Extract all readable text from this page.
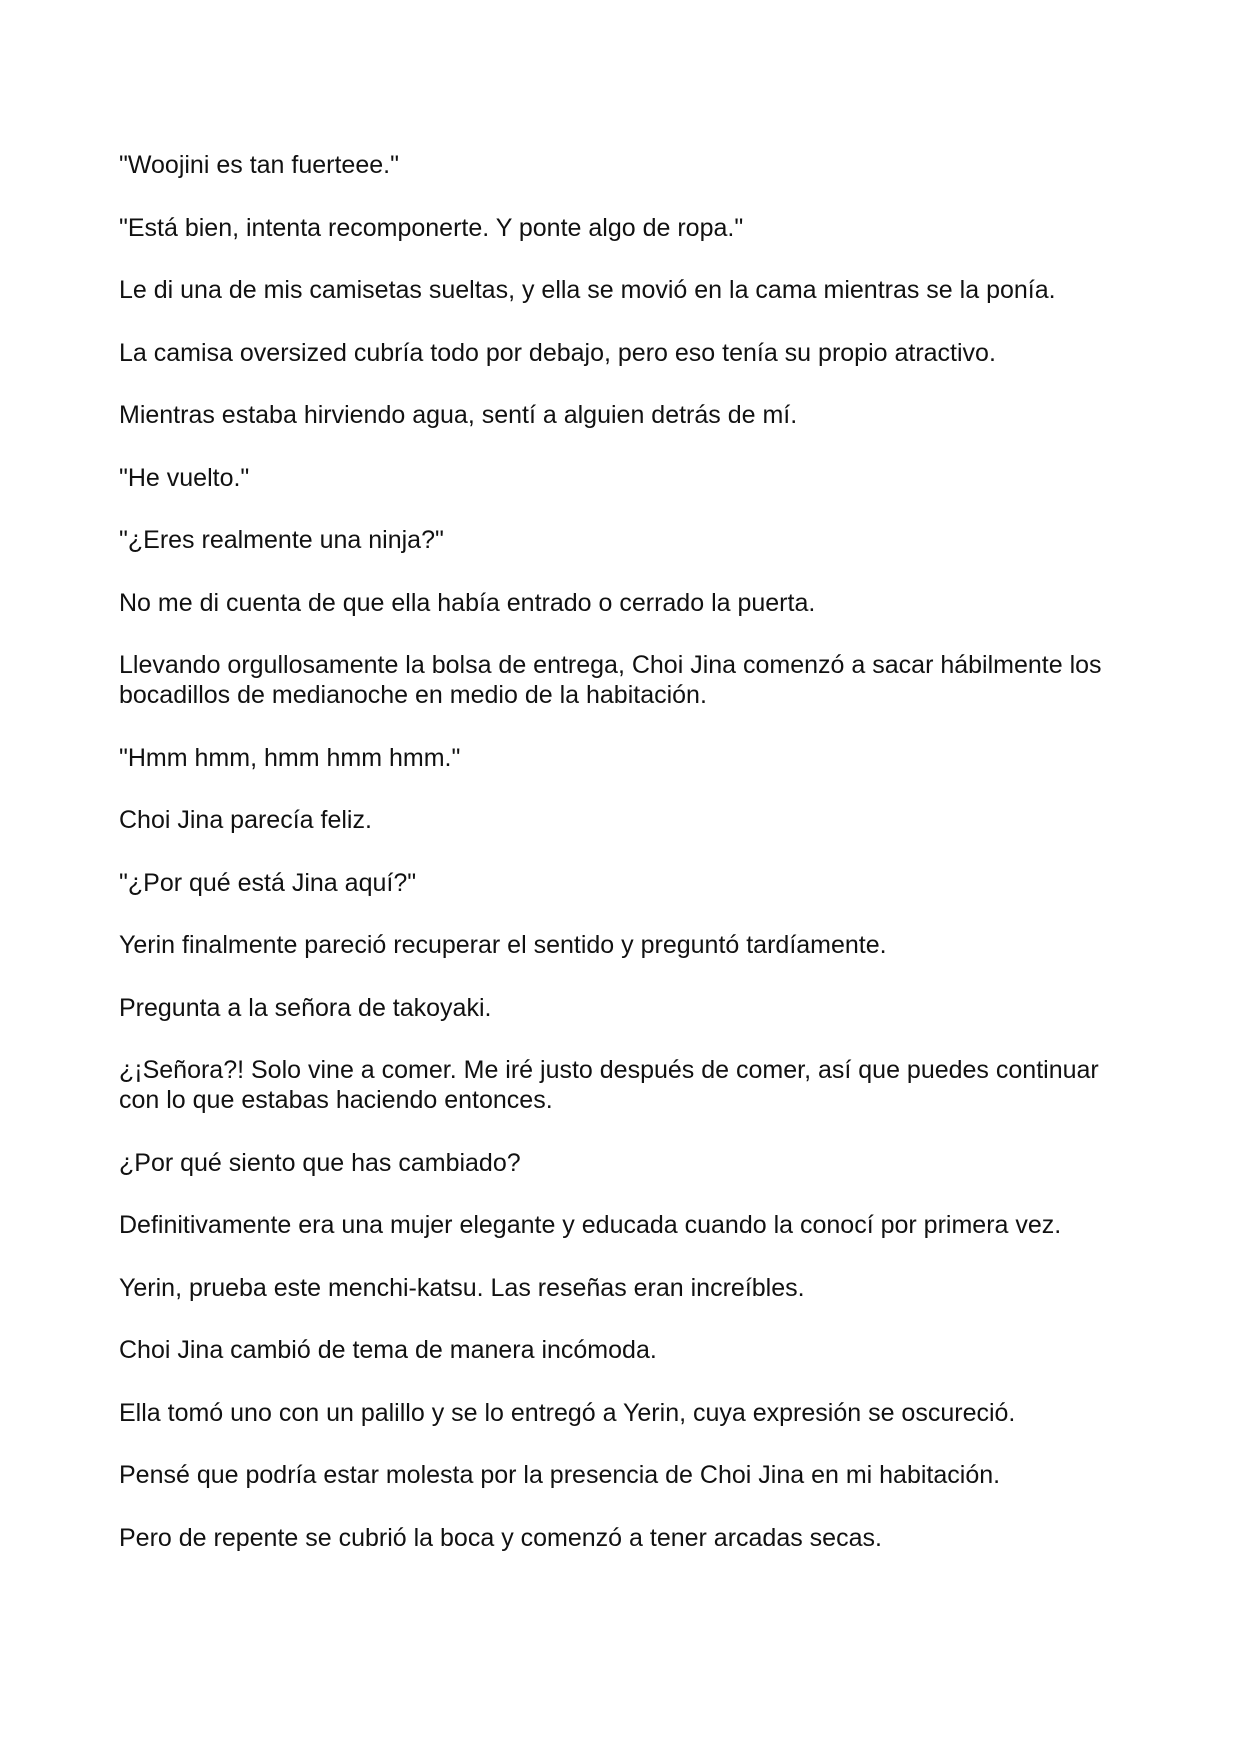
"Woojini es tan fuerteee."

"Está bien, intenta recomponerte. Y ponte algo de ropa."

Le di una de mis camisetas sueltas, y ella se movió en la cama mientras se la ponía.

La camisa oversized cubría todo por debajo, pero eso tenía su propio atractivo.

Mientras estaba hirviendo agua, sentí a alguien detrás de mí.

"He vuelto."

"¿Eres realmente una ninja?"

No me di cuenta de que ella había entrado o cerrado la puerta.

Llevando orgullosamente la bolsa de entrega, Choi Jina comenzó a sacar hábilmente los bocadillos de medianoche en medio de la habitación.

"Hmm hmm, hmm hmm hmm."

Choi Jina parecía feliz.

"¿Por qué está Jina aquí?"

Yerin finalmente pareció recuperar el sentido y preguntó tardíamente.

Pregunta a la señora de takoyaki.

¿¡Señora?! Solo vine a comer. Me iré justo después de comer, así que puedes continuar con lo que estabas haciendo entonces.

¿Por qué siento que has cambiado?

Definitivamente era una mujer elegante y educada cuando la conocí por primera vez.

Yerin, prueba este menchi-katsu. Las reseñas eran increíbles.

Choi Jina cambió de tema de manera incómoda.

Ella tomó uno con un palillo y se lo entregó a Yerin, cuya expresión se oscureció.

Pensé que podría estar molesta por la presencia de Choi Jina en mi habitación.

Pero de repente se cubrió la boca y comenzó a tener arcadas secas.
